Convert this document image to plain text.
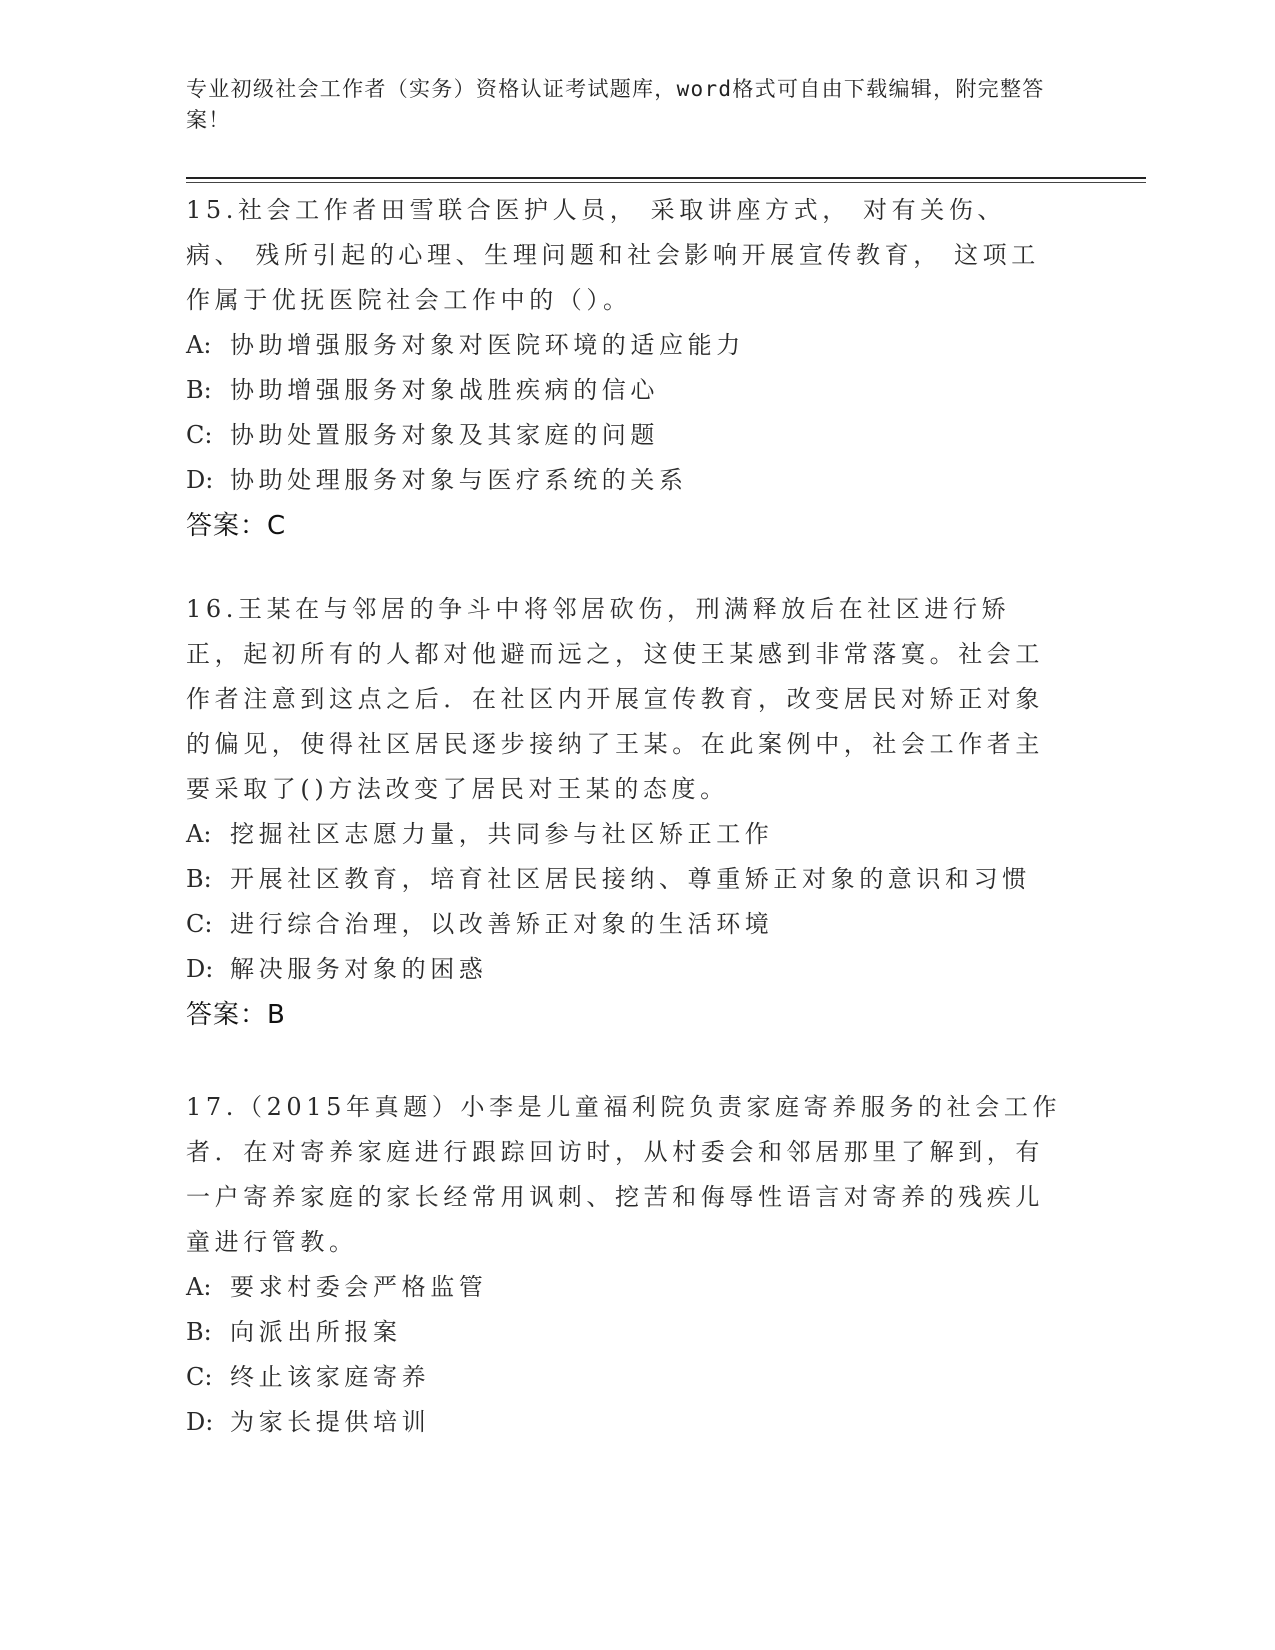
专业初级社会工作者（实务）资格认证考试题库，word格式可自由下载编辑，附完整答案！

15.社会工作者田雪联合医护人员， 采取讲座方式， 对有关伤、 病、 残所引起的心理、生理问题和社会影响开展宣传教育， 这项工作属于优抚医院社会工作中的（）。

A: 协助增强服务对象对医院环境的适应能力

B: 协助增强服务对象战胜疾病的信心

C: 协助处置服务对象及其家庭的问题

D: 协助处理服务对象与医疗系统的关系

答案：C

16.王某在与邻居的争斗中将邻居砍伤，刑满释放后在社区进行矫正，起初所有的人都对他避而远之，这使王某感到非常落寞。社会工作者注意到这点之后．在社区内开展宣传教育，改变居民对矫正对象的偏见，使得社区居民逐步接纳了王某。在此案例中，社会工作者主要采取了()方法改变了居民对王某的态度。

A: 挖掘社区志愿力量，共同参与社区矫正工作

B: 开展社区教育，培育社区居民接纳、尊重矫正对象的意识和习惯

C: 进行综合治理，以改善矫正对象的生活环境

D: 解决服务对象的困惑

答案：B

17.（2015年真题）小李是儿童福利院负责家庭寄养服务的社会工作者．在对寄养家庭进行跟踪回访时，从村委会和邻居那里了解到，有一户寄养家庭的家长经常用讽刺、挖苦和侮辱性语言对寄养的残疾儿童进行管教。

A: 要求村委会严格监管

B: 向派出所报案

C: 终止该家庭寄养

D: 为家长提供培训
